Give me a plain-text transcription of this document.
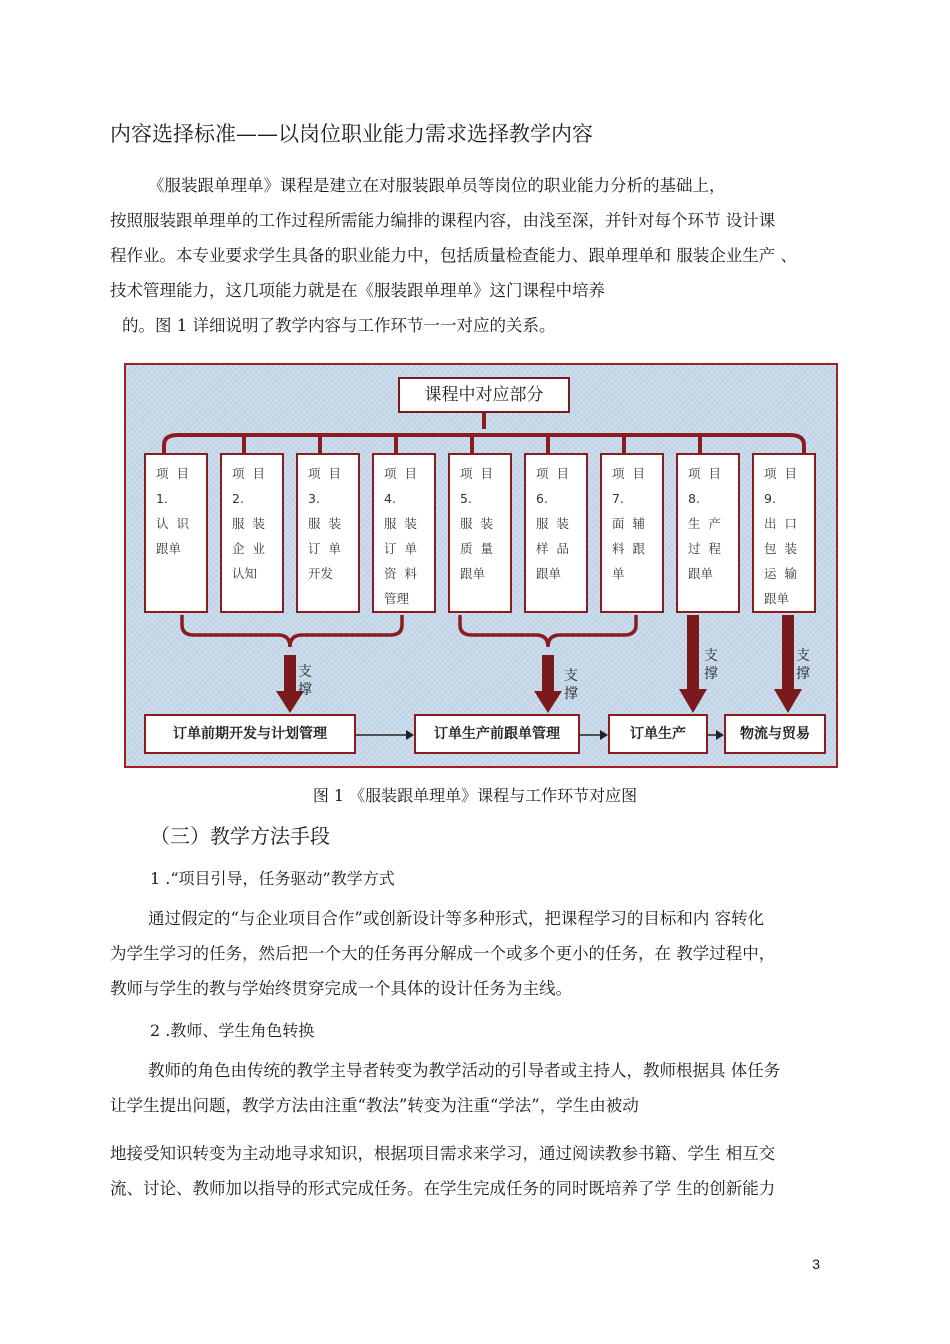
内容选择标准——以岗位职业能力需求选择教学内容
《服装跟单理单》课程是建立在对服装跟单员等岗位的职业能力分析的基础上，
按照服装跟单理单的工作过程所需能力编排的课程内容，由浅至深，并针对每个环节 设计课
程作业。本专业要求学生具备的职业能力中，包括质量检查能力、跟单理单和 服装企业生产 、
技术管理能力，这几项能力就是在《服装跟单理单》这门课程中培养
的。图 1 详细说明了教学内容与工作环节一一对应的关系。
课程中对应部分
项  目
1.
认  识
跟单
项  目
2.
服  装
企  业
认知
项  目
3.
服  装
订  单
开发
项  目
4.
服  装
订  单
资  料
管理
项  目
5.
服  装
质  量
跟单
项  目
6.
服  装
样  品
跟单
项  目
7.
面  辅
料  跟
单
项  目
8.
生  产
过  程
跟单
项  目
9.
出  口
包  装
运  输
跟单
支
撑
支
撑
支
撑
支
撑
订单前期开发与计划管理	订单生产前跟单管理	订单生产	物流与贸易
图 1 《服装跟单理单》课程与工作环节对应图
（三）教学方法手段
1 .“项目引导，任务驱动”教学方式
通过假定的“与企业项目合作”或创新设计等多种形式，把课程学习的目标和内 容转化
为学生学习的任务，然后把一个大的任务再分解成一个或多个更小的任务，在 教学过程中，
教师与学生的教与学始终贯穿完成一个具体的设计任务为主线。
2 .教师、学生角色转换
教师的角色由传统的教学主导者转变为教学活动的引导者或主持人，教师根据具 体任务
让学生提出问题，教学方法由注重“教法”转变为注重“学法”，学生由被动
地接受知识转变为主动地寻求知识，根据项目需求来学习，通过阅读教参书籍、学生 相互交
流、讨论、教师加以指导的形式完成任务。在学生完成任务的同时既培养了学 生的创新能力
3
